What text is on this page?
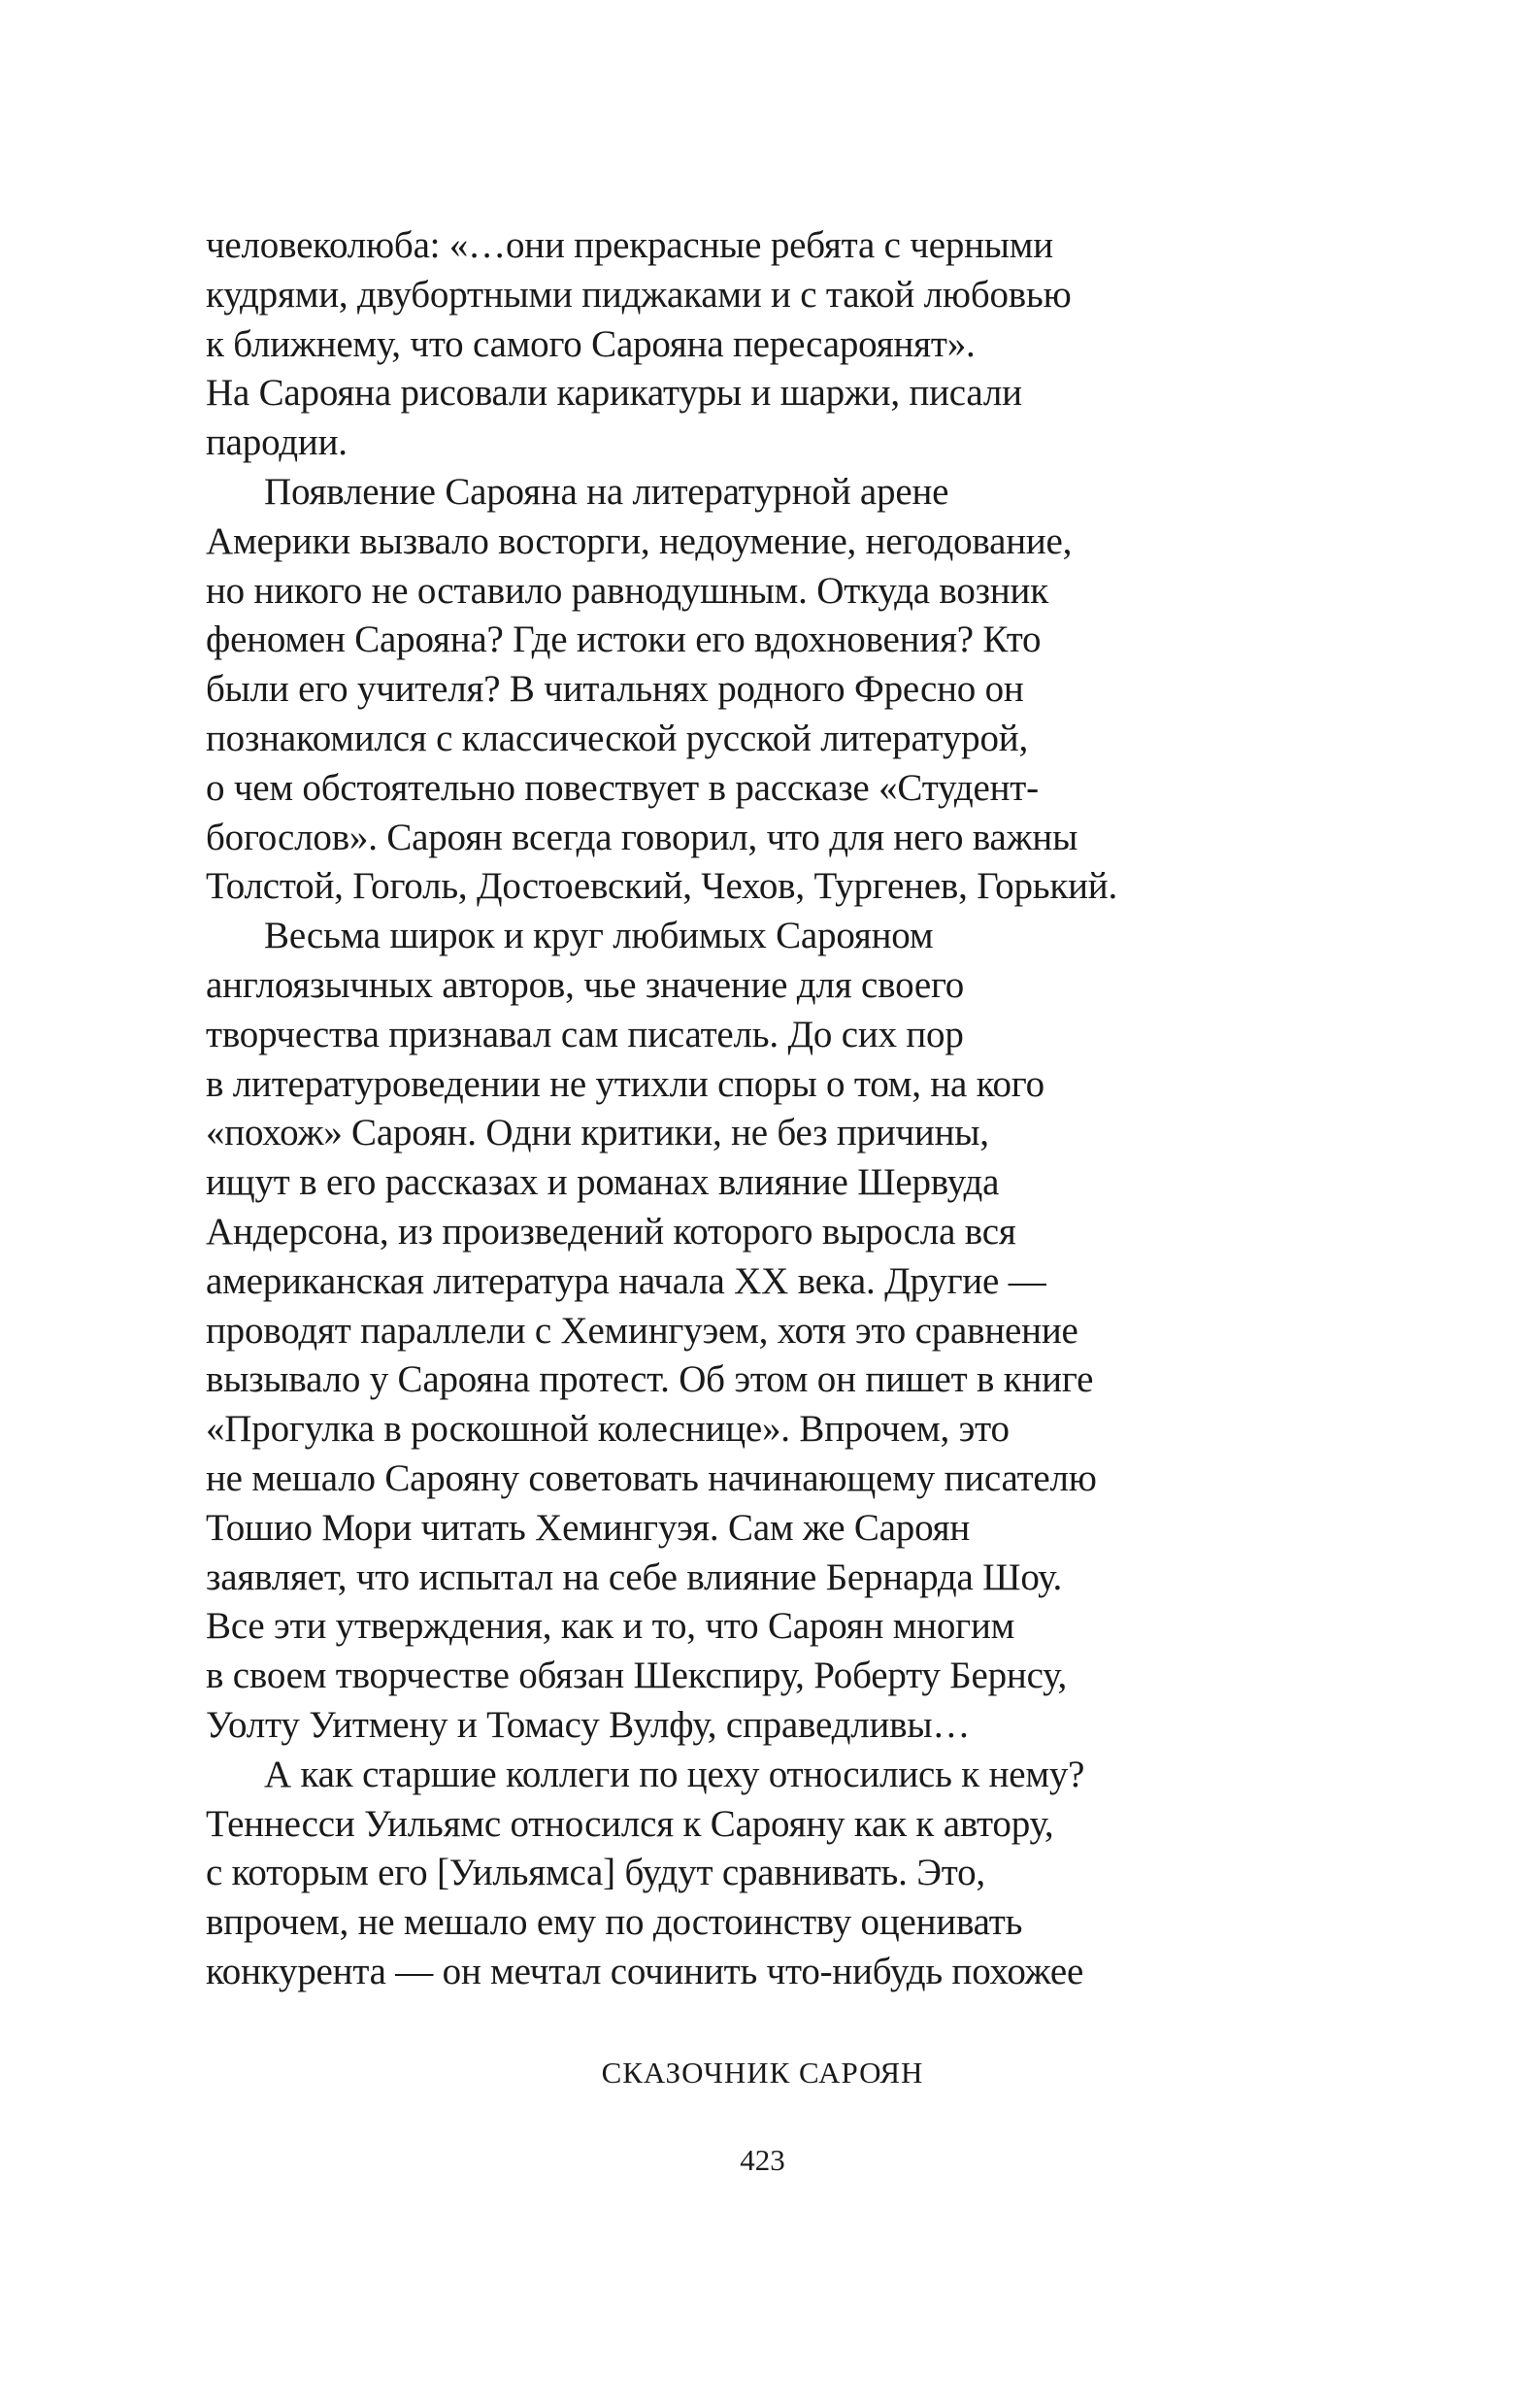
человеколюба: «…они прекрасные ребята с черными
кудрями, двубортными пиджаками и с такой любовью
к ближнему, что самого Сарояна пересароянят».
На Сарояна рисовали карикатуры и шаржи, писали
пародии.
Появление Сарояна на литературной арене
Америки вызвало восторги, недоумение, негодование,
но никого не оставило равнодушным. Откуда возник
феномен Сарояна? Где истоки его вдохновения? Кто
были его учителя? В читальнях родного Фресно он
познакомился с классической русской литературой,
о чем обстоятельно повествует в рассказе «Студент-
богослов». Сароян всегда говорил, что для него важны
Толстой, Гоголь, Достоевский, Чехов, Тургенев, Горький.
Весьма широк и круг любимых Сарояном
англоязычных авторов, чье значение для своего
творчества признавал сам писатель. До сих пор
в литературоведении не утихли споры о том, на кого
«похож» Сароян. Одни критики, не без причины,
ищут в его рассказах и романах влияние Шервуда
Андерсона, из произведений которого выросла вся
американская литература начала XX века. Другие —
проводят параллели с Хемингуэем, хотя это сравнение
вызывало у Сарояна протест. Об этом он пишет в книге
«Прогулка в роскошной колеснице». Впрочем, это
не мешало Сарояну советовать начинающему писателю
Тошио Мори читать Хемингуэя. Сам же Сароян
заявляет, что испытал на себе влияние Бернарда Шоу.
Все эти утверждения, как и то, что Сароян многим
в своем творчестве обязан Шекспиру, Роберту Бернсу,
Уолту Уитмену и Томасу Вулфу, справедливы…
А как старшие коллеги по цеху относились к нему?
Теннесси Уильямс относился к Сарояну как к автору,
с которым его [Уильямса] будут сравнивать. Это,
впрочем, не мешало ему по достоинству оценивать
конкурента — он мечтал сочинить что-нибудь похожее
СКАЗОЧНИК САРОЯН
423
